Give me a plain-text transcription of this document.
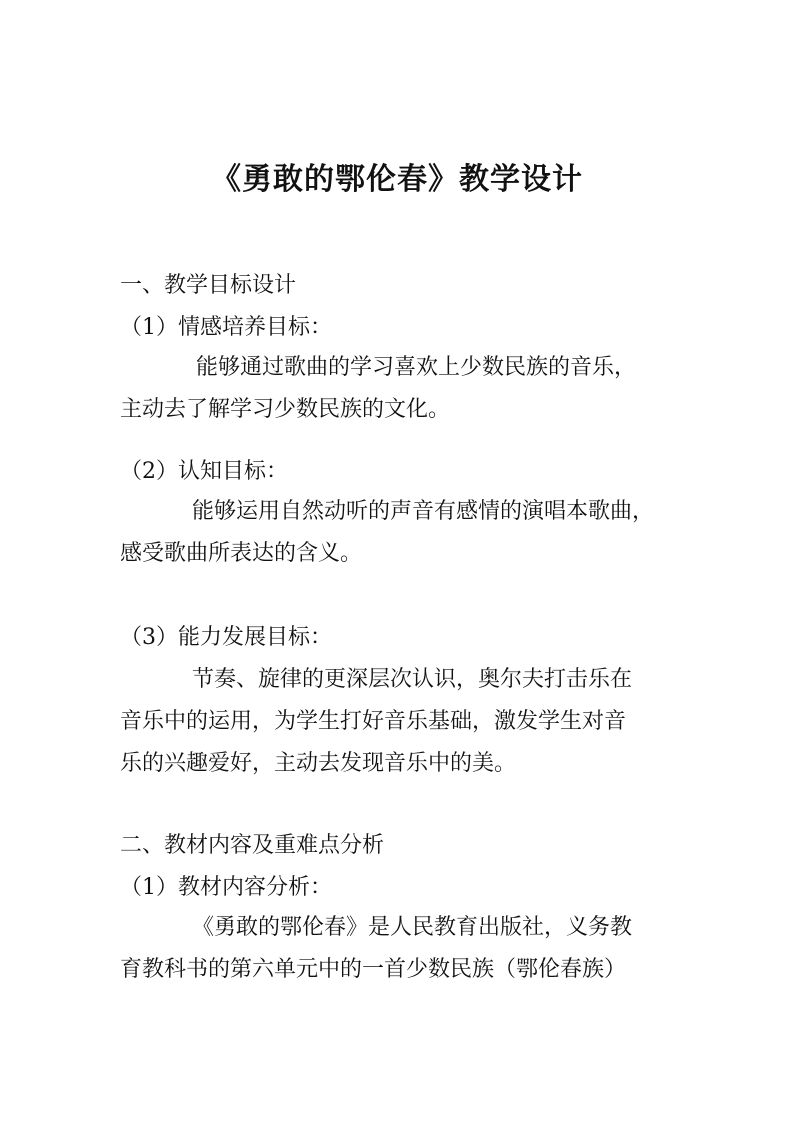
《勇敢的鄂伦春》教学设计
一、教学目标设计
（1）情感培养目标：
能够通过歌曲的学习喜欢上少数民族的音乐，
主动去了解学习少数民族的文化。
（2）认知目标：
能够运用自然动听的声音有感情的演唱本歌曲，
感受歌曲所表达的含义。
（3）能力发展目标：
节奏、旋律的更深层次认识，奥尔夫打击乐在
音乐中的运用，为学生打好音乐基础，激发学生对音
乐的兴趣爱好，主动去发现音乐中的美。
二、教材内容及重难点分析
（1）教材内容分析：
《勇敢的鄂伦春》是人民教育出版社，义务教
育教科书的第六单元中的一首少数民族（鄂伦春族）
